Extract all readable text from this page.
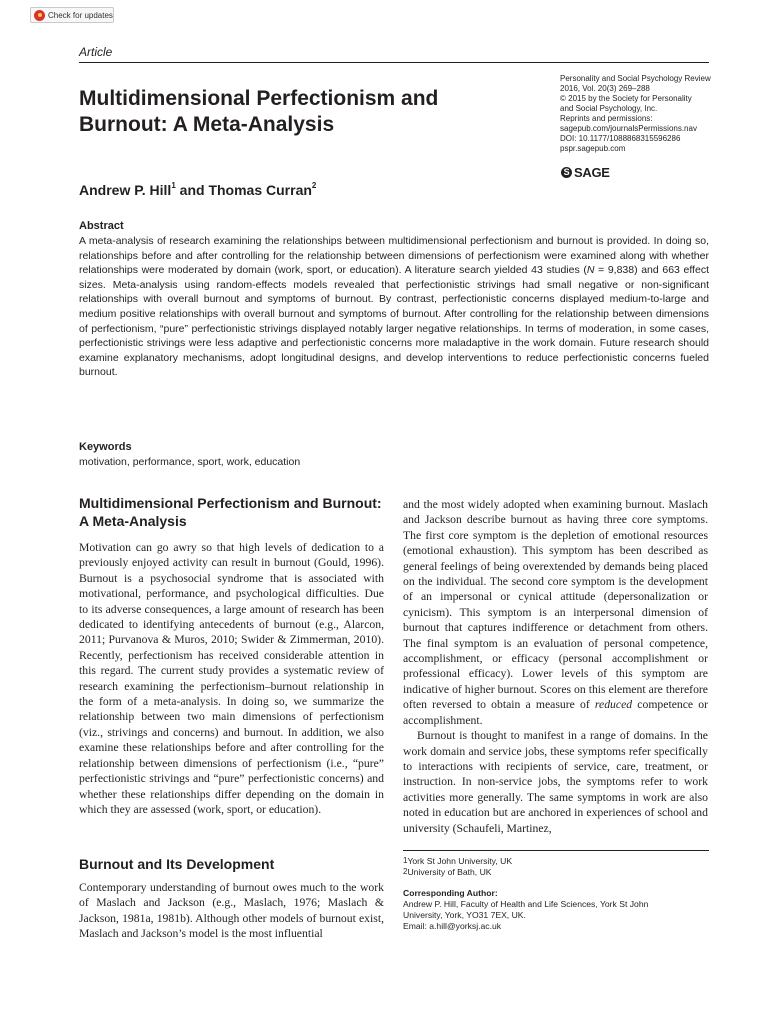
Check for updates
Article
Multidimensional Perfectionism and Burnout: A Meta-Analysis
Personality and Social Psychology Review
2016, Vol. 20(3) 269–288
© 2015 by the Society for Personality
and Social Psychology, Inc.
Reprints and permissions:
sagepub.com/journalsPermissions.nav
DOI: 10.1177/1088868315596286
pspr.sagepub.com
S SAGE
Andrew P. Hill$^1$ and Thomas Curran$^2$
Abstract

A meta-analysis of research examining the relationships between multidimensional perfectionism and burnout is provided. In doing so, relationships before and after controlling for the relationship between dimensions of perfectionism were examined along with whether relationships were moderated by domain (work, sport, or education). A literature search yielded 43 studies (N = 9,838) and 663 effect sizes. Meta-analysis using random-effects models revealed that perfectionistic strivings had small negative or non-significant relationships with overall burnout and symptoms of burnout. By contrast, perfectionistic concerns displayed medium-to-large and medium positive relationships with overall burnout and symptoms of burnout. After controlling for the relationship between dimensions of perfectionism, “pure” perfectionistic strivings displayed notably larger negative relationships. In terms of moderation, in some cases, perfectionistic strivings were less adaptive and perfectionistic concerns more maladaptive in the work domain. Future research should examine explanatory mechanisms, adopt longitudinal designs, and develop interventions to reduce perfectionistic concerns fueled burnout.

Keywords
motivation, performance, sport, work, education
Multidimensional Perfectionism and Burnout: A Meta-Analysis

Motivation can go awry so that high levels of dedication to a previously enjoyed activity can result in burnout (Gould, 1996). Burnout is a psychosocial syndrome that is associated with motivational, performance, and psychological difficulties. Due to its adverse consequences, a large amount of research has been dedicated to identifying antecedents of burnout (e.g., Alarcon, 2011; Purvanova & Muros, 2010; Swider & Zimmerman, 2010). Recently, perfectionism has received considerable attention in this regard. The current study provides a systematic review of research examining the perfectionism–burnout relationship in the form of a meta-analysis. In doing so, we summarize the relationship between two main dimensions of perfectionism (viz., strivings and concerns) and burnout. In addition, we also examine these relationships before and after controlling for the relationship between dimensions of perfectionism (i.e., “pure” perfectionistic strivings and “pure” perfectionistic concerns) and whether these relationships differ depending on the domain in which they are assessed (work, sport, or education).

Burnout and Its Development

Contemporary understanding of burnout owes much to the work of Maslach and Jackson (e.g., Maslach, 1976; Maslach & Jackson, 1981a, 1981b). Although other models of burnout exist, Maslach and Jackson’s model is the most influential

and the most widely adopted when examining burnout. Maslach and Jackson describe burnout as having three core symptoms. The first core symptom is the depletion of emotional resources (emotional exhaustion). This symptom has been described as general feelings of being overextended by demands being placed on the individual. The second core symptom is the development of an impersonal or cynical attitude (depersonalization or cynicism). This symptom is an interpersonal dimension of burnout that captures indifference or detachment from others. The final symptom is an evaluation of personal competence, accomplishment, or efficacy (personal accomplishment or professional efficacy). Lower levels of this symptom are indicative of higher burnout. Scores on this element are therefore often reversed to obtain a measure of reduced competence or accomplishment.

Burnout is thought to manifest in a range of domains. In the work domain and service jobs, these symptoms refer specifically to interactions with recipients of service, care, treatment, or instruction. In non-service jobs, the symptoms refer to work activities more generally. The same symptoms in work are also noted in education but are anchored in experiences of school and university (Schaufeli, Martinez,

$^1$York St John University, UK
$^2$University of Bath, UK
Corresponding Author:
Andrew P. Hill, Faculty of Health and Life Sciences, York St John
University, York, YO31 7EX, UK.
Email: a.hill@yorksj.ac.uk
